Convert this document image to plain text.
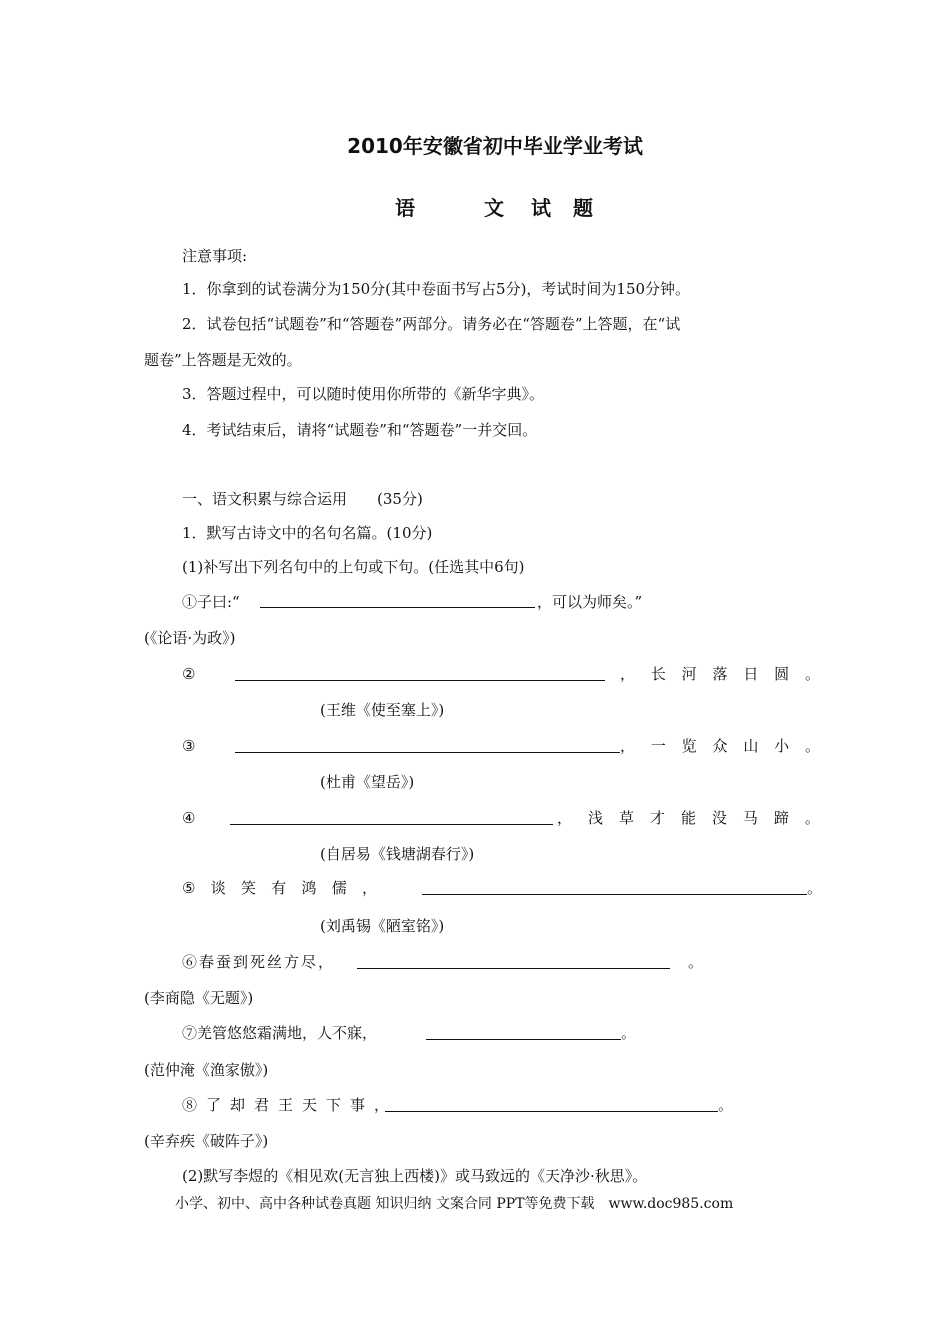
2010年安徽省初中毕业学业考试
语	文 试 题
注意事项:
1．你拿到的试卷满分为150分(其中卷面书写占5分)，考试时间为150分钟。
2．试卷包括“试题卷”和“答题卷”两部分。请务必在“答题卷”上答题，在“试
题卷”上答题是无效的。
3．答题过程中，可以随时使用你所带的《新华字典》。
4．考试结束后，请将“试题卷”和“答题卷”一并交回。
一、语文积累与综合运用　　(35分)
1．默写古诗文中的名句名篇。(10分)
(1)补写出下列名句中的上句或下句。(任选其中6句)
①子曰:“	，可以为师矣。”
(《论语·为政》)
②	， 长 河 落 日 圆 。
(王维《使至塞上》)
③	， 一 览 众 山 小 。
(杜甫《望岳》)
④	， 浅 草 才 能 没 马 蹄 。
(自居易《钱塘湖春行》)
⑤ 谈 笑 有 鸿 儒 ，	。
(刘禹锡《陋室铭》)
⑥春蚕到死丝方尽，	。
(李商隐《无题》)
⑦羌管悠悠霜满地，人不寐，	。
(范仲淹《渔家傲》)
⑧了却君王天下事，	。
(辛弃疾《破阵子》)
(2)默写李煜的《相见欢(无言独上西楼)》或马致远的《天净沙·秋思》。
小学、初中、高中各种试卷真题 知识归纳 文案合同 PPT等免费下载　www.doc985.com
